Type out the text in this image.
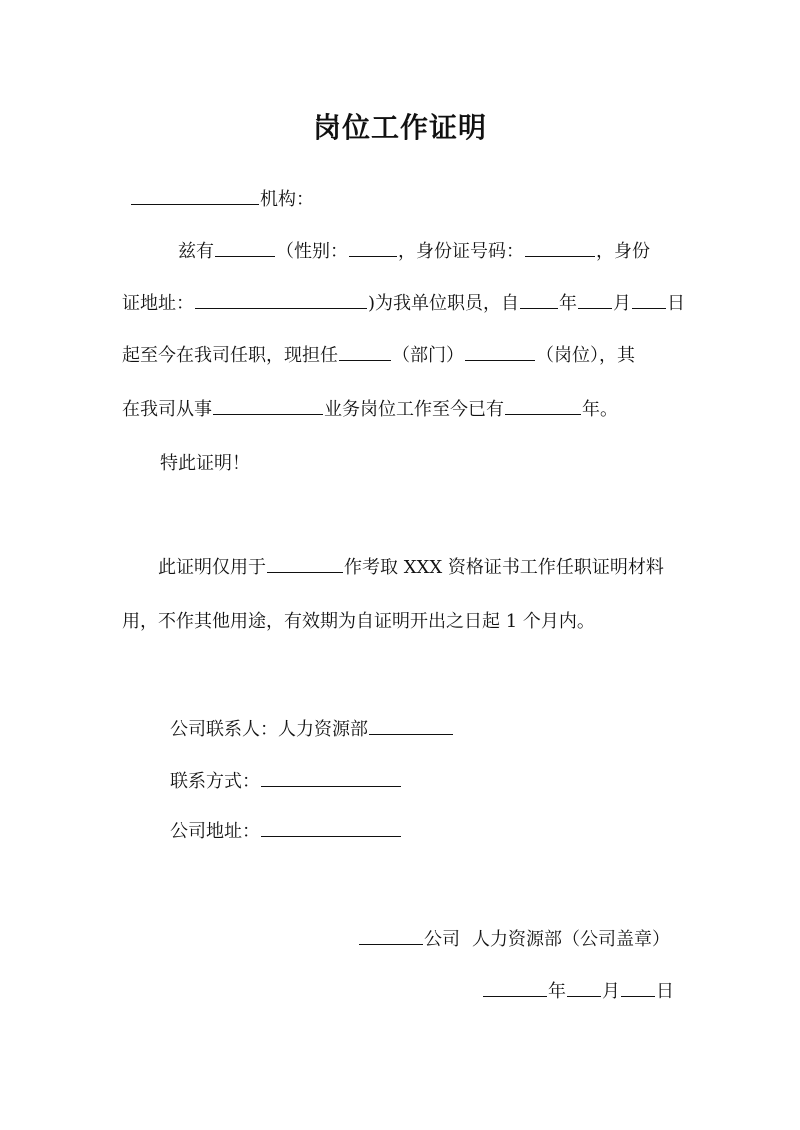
岗位工作证明
机构：
兹有	（性别：	，身份证号码：	，身份
证地址：	)为我单位职员，自 年 月 日
起至今在我司任职，现担任	（部门）	（岗位），其
在我司从事	业务岗位工作至今已有	年。
特此证明！
此证明仅用于	作考取 XXX 资格证书工作任职证明材料
用，不作其他用途，有效期为自证明开出之日起 1 个月内。
公司联系人：人力资源部
联系方式：
公司地址：
公司 人力资源部（公司盖章）
年 月 日
